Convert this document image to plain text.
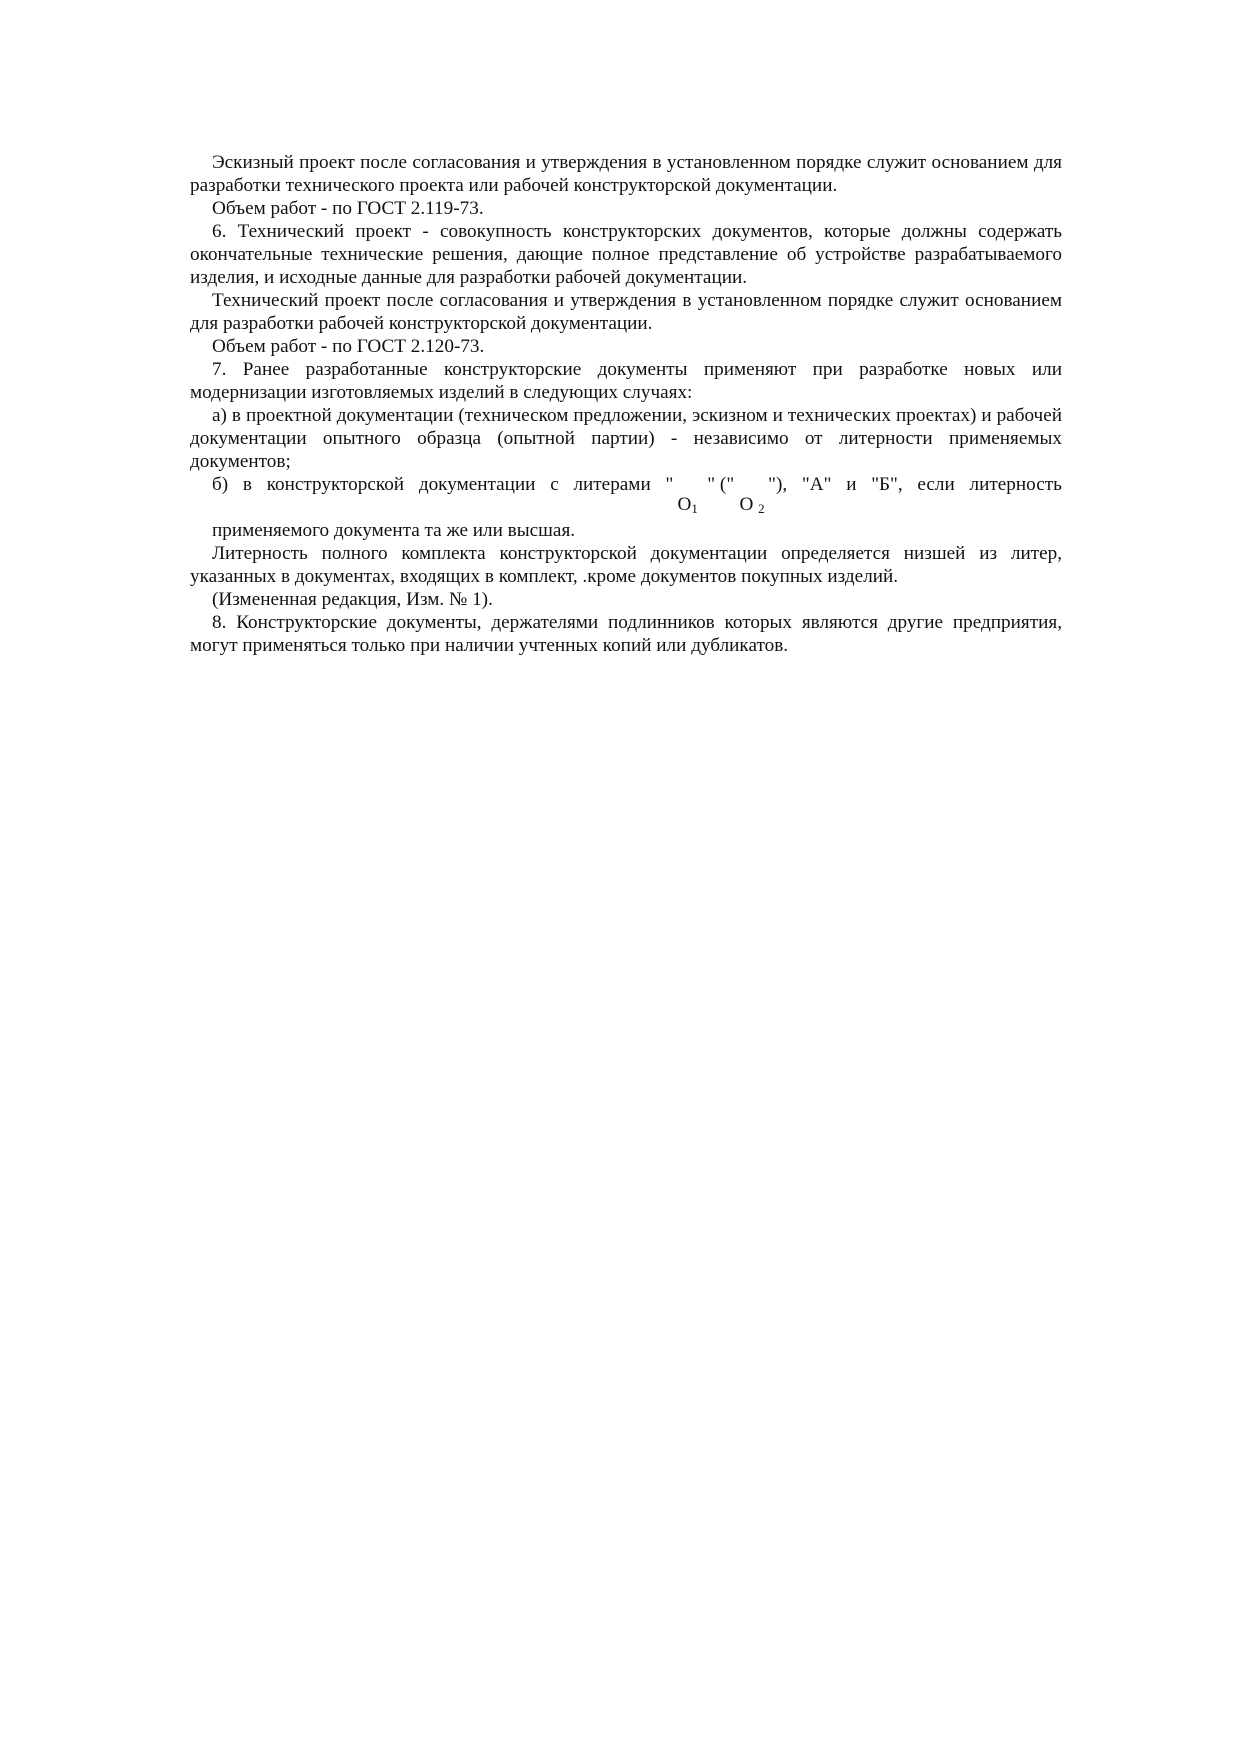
Эскизный проект после согласования и утверждения в установленном порядке служит основанием для разработки технического проекта или рабочей конструкторской документации.

Объем работ - по ГОСТ 2.119-73.

6. Технический проект - совокупность конструкторских документов, которые должны содержать окончательные технические решения, дающие полное представление об устройстве разрабатываемого изделия, и исходные данные для разработки рабочей документации.

Технический проект после согласования и утверждения в установленном порядке служит основанием для разработки рабочей конструкторской документации.

Объем работ - по ГОСТ 2.120-73.

7. Ранее разработанные конструкторские документы применяют при разработке новых или модернизации изготовляемых изделий в следующих случаях:

а) в проектной документации (техническом предложении, эскизном и технических проектах) и рабочей документации опытного образца (опытной партии) - независимо от литерности применяемых документов;

б) в конструкторской документации с литерами " " ("
$О_1$ О $_2$
"), "А" и "Б", если литерность

применяемого документа та же или высшая.

Литерность полного комплекта конструкторской документации определяется низшей из литер, указанных в документах, входящих в комплект, .кроме документов покупных изделий.

(Измененная редакция, Изм. № 1).

8. Конструкторские документы, держателями подлинников которых являются другие предприятия, могут применяться только при наличии учтенных копий или дубликатов.
